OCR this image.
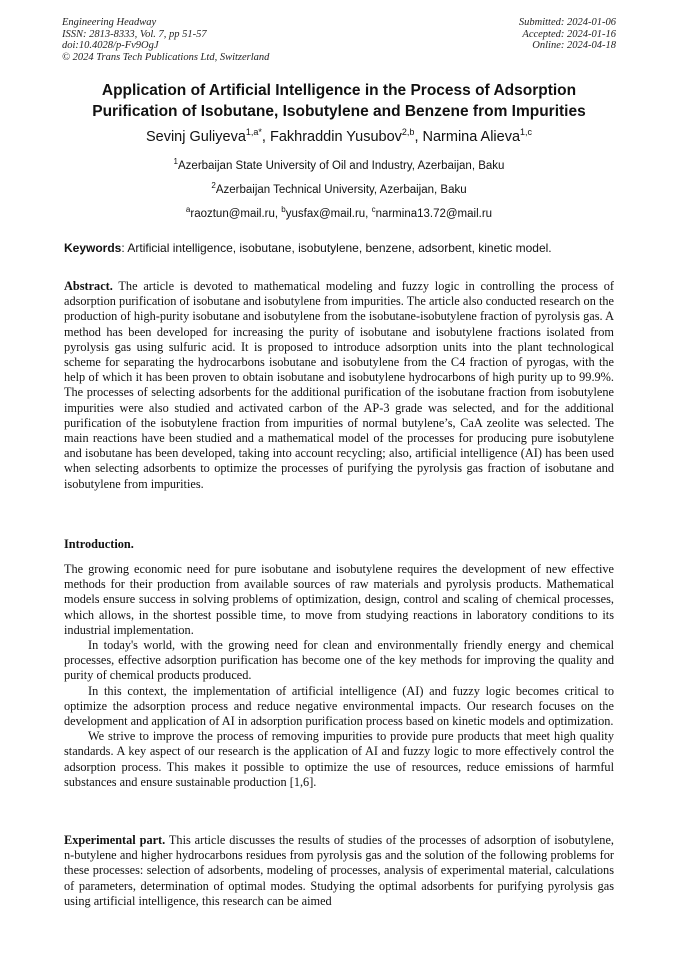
Engineering Headway
ISSN: 2813-8333, Vol. 7, pp 51-57
doi:10.4028/p-Fv9OgJ
© 2024 Trans Tech Publications Ltd, Switzerland
Submitted: 2024-01-06
Accepted: 2024-01-16
Online: 2024-04-18
Application of Artificial Intelligence in the Process of Adsorption
Purification of Isobutane, Isobutylene and Benzene from Impurities
Sevinj Guliyeva$^{1,a*}$, Fakhraddin Yusubov$^{2,b}$, Narmina Alieva$^{1,c}$
$^1$Azerbaijan State University of Oil and Industry, Azerbaijan, Baku
$^2$Azerbaijan Technical University, Azerbaijan, Baku
$^a$raoztun@mail.ru, $^b$yusfax@mail.ru, $^c$narmina13.72@mail.ru
Keywords: Artificial intelligence, isobutane, isobutylene, benzene, adsorbent, kinetic model.

Abstract. The article is devoted to mathematical modeling and fuzzy logic in controlling the process of adsorption purification of isobutane and isobutylene from impurities. The article also conducted research on the production of high-purity isobutane and isobutylene from the isobutane-isobutylene fraction of pyrolysis gas. A method has been developed for increasing the purity of isobutane and isobutylene fractions isolated from pyrolysis gas using sulfuric acid. It is proposed to introduce adsorption units into the plant technological scheme for separating the hydrocarbons isobutane and isobutylene from the C4 fraction of pyrogas, with the help of which it has been proven to obtain isobutane and isobutylene hydrocarbons of high purity up to 99.9%. The processes of selecting adsorbents for the additional purification of the isobutane fraction from isobutylene impurities were also studied and activated carbon of the AP-3 grade was selected, and for the additional purification of the isobutylene fraction from impurities of normal butylene’s, CaA zeolite was selected. The main reactions have been studied and a mathematical model of the processes for producing pure isobutylene and isobutane has been developed, taking into account recycling; also, artificial intelligence (AI) has been used when selecting adsorbents to optimize the processes of purifying the pyrolysis gas fraction of isobutane and isobutylene from impurities.

Introduction.

The growing economic need for pure isobutane and isobutylene requires the development of new effective methods for their production from available sources of raw materials and pyrolysis products. Mathematical models ensure success in solving problems of optimization, design, control and scaling of chemical processes, which allows, in the shortest possible time, to move from studying reactions in laboratory conditions to its industrial implementation.

In today's world, with the growing need for clean and environmentally friendly energy and chemical processes, effective adsorption purification has become one of the key methods for improving the quality and purity of chemical products produced.

In this context, the implementation of artificial intelligence (AI) and fuzzy logic becomes critical to optimize the adsorption process and reduce negative environmental impacts. Our research focuses on the development and application of AI in adsorption purification process based on kinetic models and optimization.

We strive to improve the process of removing impurities to provide pure products that meet high quality standards. A key aspect of our research is the application of AI and fuzzy logic to more effectively control the adsorption process. This makes it possible to optimize the use of resources, reduce emissions of harmful substances and ensure sustainable production [1,6].

Experimental part. This article discusses the results of studies of the processes of adsorption of isobutylene, n-butylene and higher hydrocarbons residues from pyrolysis gas and the solution of the following problems for these processes: selection of adsorbents, modeling of processes, analysis of experimental material, calculations of parameters, determination of optimal modes. Studying the optimal adsorbents for purifying pyrolysis gas using artificial intelligence, this research can be aimed
